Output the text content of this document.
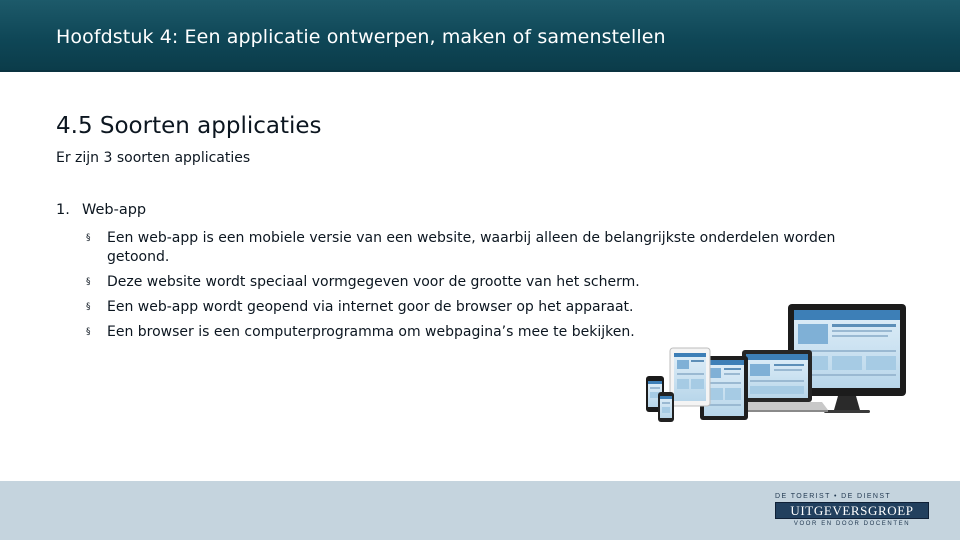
Hoofdstuk 4: Een applicatie ontwerpen, maken of samenstellen
4.5 Soorten applicaties
Er zijn 3 soorten applicaties
1. Web-app
§	Een web-app is een mobiele versie van een website, waarbij alleen de belangrijkste onderdelen worden getoond.
§	Deze website wordt speciaal vormgegeven voor de grootte van het scherm.
§	Een web-app wordt geopend via internet goor de browser op het apparaat.
§	Een browser is een computerprogramma om webpagina’s mee te bekijken.
DE TOERIST • DE DIENST
UITGEVERSGROEP
VOOR EN DOOR DOCENTEN
